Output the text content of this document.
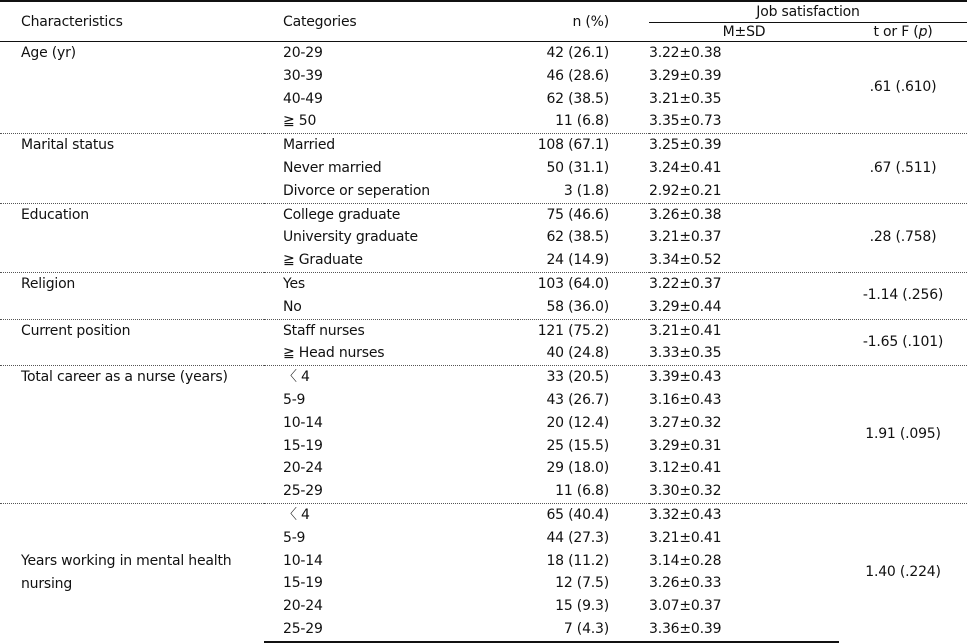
Characteristics	Categories	n (%)	Job satisfaction	
			M±SD	t or F (p)
Age (yr)	20-29	42 (26.1)	3.22±0.38	.61 (.610)
	30-39	46 (28.6)	3.29±0.39	
	40-49	62 (38.5)	3.21±0.35	
	≧ 50	11 (6.8)	3.35±0.73	
Marital status	Married	108 (67.1)	3.25±0.39	.67 (.511)
	Never married	50 (31.1)	3.24±0.41	
	Divorce or seperation	3 (1.8)	2.92±0.21	
Education	College graduate	75 (46.6)	3.26±0.38	.28 (.758)
	University graduate	62 (38.5)	3.21±0.37	
	≧ Graduate	24 (14.9)	3.34±0.52	
Religion	Yes	103 (64.0)	3.22±0.37	-1.14 (.256)
	No	58 (36.0)	3.29±0.44	
Current position	Staff nurses	121 (75.2)	3.21±0.41	-1.65 (.101)
	≧ Head nurses	40 (24.8)	3.33±0.35	
Total career as a nurse (years)	〈 4	33 (20.5)	3.39±0.43	1.91 (.095)
	5-9	43 (26.7)	3.16±0.43	
	10-14	20 (12.4)	3.27±0.32	
	15-19	25 (15.5)	3.29±0.31	
	20-24	29 (18.0)	3.12±0.41	
	25-29	11 (6.8)	3.30±0.32	
Years working in mental health nursing	〈 4	65 (40.4)	3.32±0.43	1.40 (.224)
	5-9	44 (27.3)	3.21±0.41	
	10-14	18 (11.2)	3.14±0.28	
	15-19	12 (7.5)	3.26±0.33	
	20-24	15 (9.3)	3.07±0.37	
	25-29	7 (4.3)	3.36±0.39	
